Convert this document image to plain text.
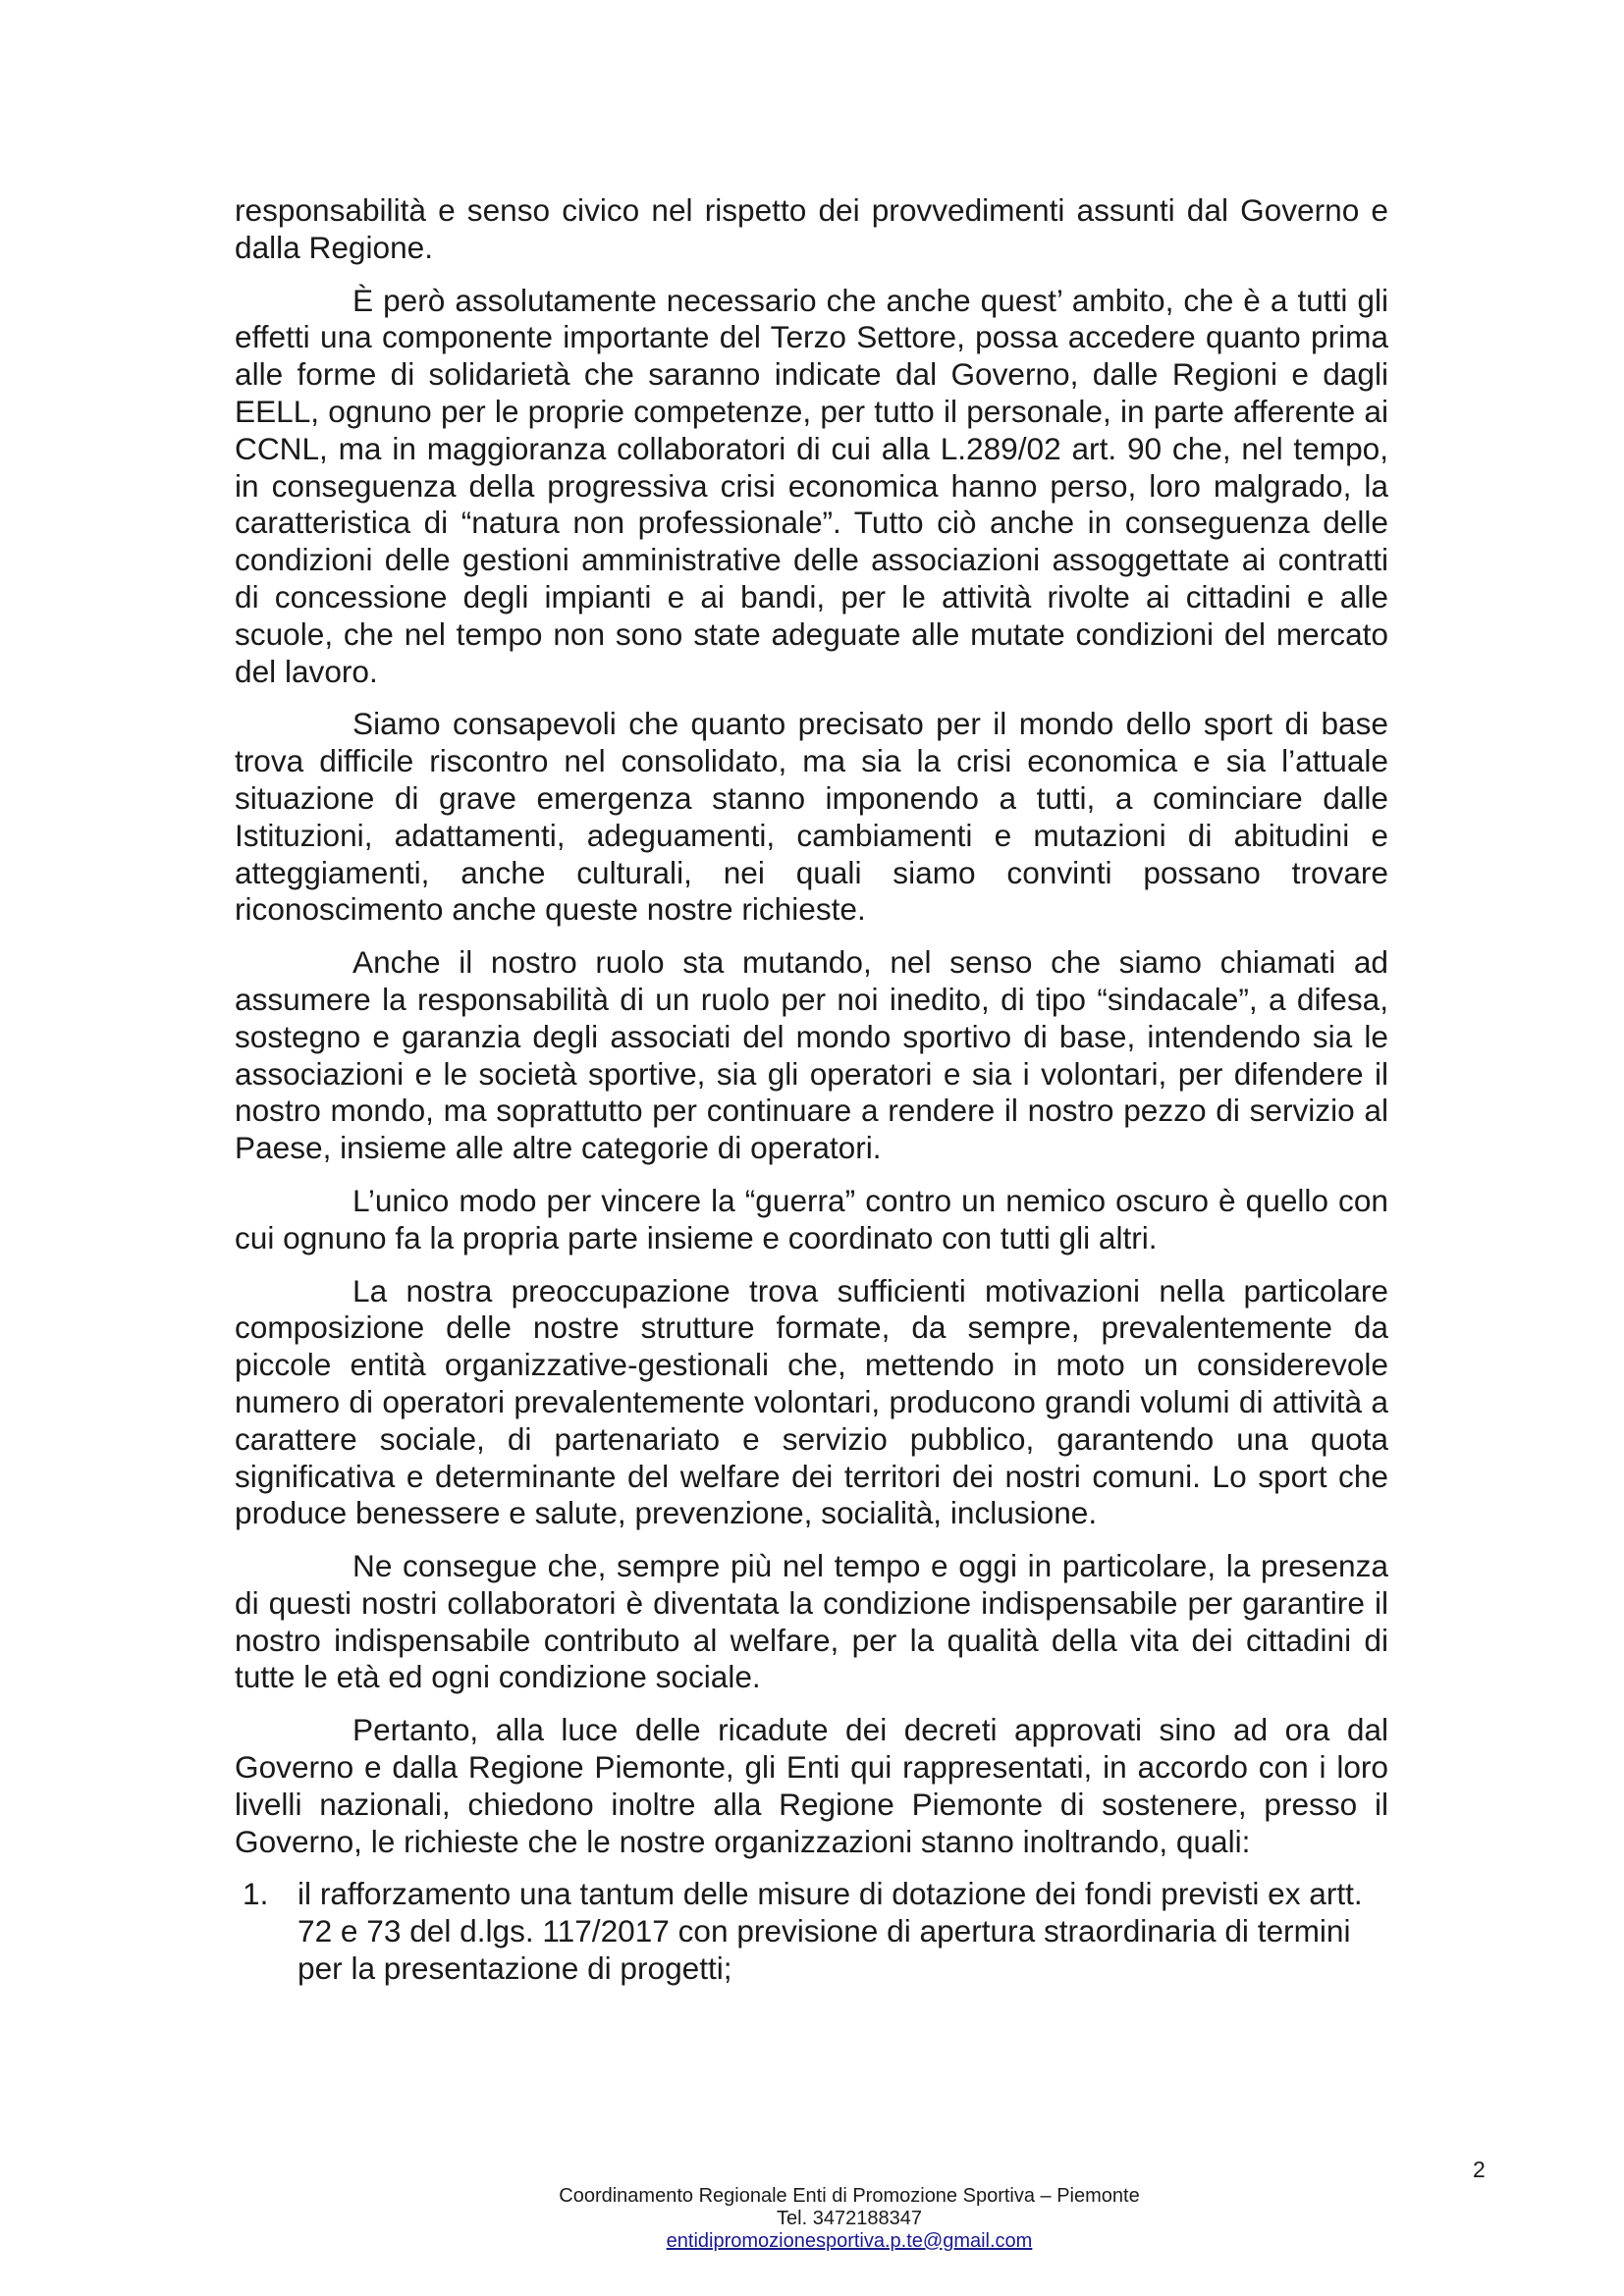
responsabilità e senso civico nel rispetto dei provvedimenti assunti dal Governo e dalla Regione.

È però assolutamente necessario che anche quest’ ambito, che è a tutti gli effetti una componente importante del Terzo Settore, possa accedere quanto prima alle forme di solidarietà che saranno indicate dal Governo, dalle Regioni e dagli EELL, ognuno per le proprie competenze, per tutto il personale, in parte afferente ai CCNL, ma in maggioranza collaboratori di cui alla L.289/02 art. 90 che, nel tempo, in conseguenza della progressiva crisi economica hanno perso, loro malgrado, la caratteristica di “natura non professionale”. Tutto ciò anche in conseguenza delle condizioni delle gestioni amministrative delle associazioni assoggettate ai contratti di concessione degli impianti e ai bandi, per le attività rivolte ai cittadini e alle scuole, che nel tempo non sono state adeguate alle mutate condizioni del mercato del lavoro.

Siamo consapevoli che quanto precisato per il mondo dello sport di base trova difficile riscontro nel consolidato, ma sia la crisi economica e sia l’attuale situazione di grave emergenza stanno imponendo a tutti, a cominciare dalle Istituzioni, adattamenti, adeguamenti, cambiamenti e mutazioni di abitudini e atteggiamenti, anche culturali, nei quali siamo convinti possano trovare riconoscimento anche queste nostre richieste.

Anche il nostro ruolo sta mutando, nel senso che siamo chiamati ad assumere la responsabilità di un ruolo per noi inedito, di tipo “sindacale”, a difesa, sostegno e garanzia degli associati del mondo sportivo di base, intendendo sia le associazioni e le società sportive, sia gli operatori e sia i volontari, per difendere il nostro mondo, ma soprattutto per continuare a rendere il nostro pezzo di servizio al Paese, insieme alle altre categorie di operatori.

L’unico modo per vincere la “guerra” contro un nemico oscuro è quello con cui ognuno fa la propria parte insieme e coordinato con tutti gli altri.

La nostra preoccupazione trova sufficienti motivazioni nella particolare composizione delle nostre strutture formate, da sempre, prevalentemente da piccole entità organizzative-gestionali che, mettendo in moto un considerevole numero di operatori prevalentemente volontari, producono grandi volumi di attività a carattere sociale, di partenariato e servizio pubblico, garantendo una quota significativa e determinante del welfare dei territori dei nostri comuni. Lo sport che produce benessere e salute, prevenzione, socialità, inclusione.

Ne consegue che, sempre più nel tempo e oggi in particolare, la presenza di questi nostri collaboratori è diventata la condizione indispensabile per garantire il nostro indispensabile contributo al welfare, per la qualità della vita dei cittadini di tutte le età ed ogni condizione sociale.

Pertanto, alla luce delle ricadute dei decreti approvati sino ad ora dal Governo e dalla Regione Piemonte, gli Enti qui rappresentati, in accordo con i loro livelli nazionali, chiedono inoltre alla Regione Piemonte di sostenere, presso il Governo, le richieste che le nostre organizzazioni stanno inoltrando, quali:

1. il rafforzamento una tantum delle misure di dotazione dei fondi previsti ex artt. 72 e 73 del d.lgs. 117/2017 con previsione di apertura straordinaria di termini per la presentazione di progetti;
2
Coordinamento Regionale Enti di Promozione Sportiva – Piemonte
Tel. 3472188347
entidipromozionesportiva.p.te@gmail.com
